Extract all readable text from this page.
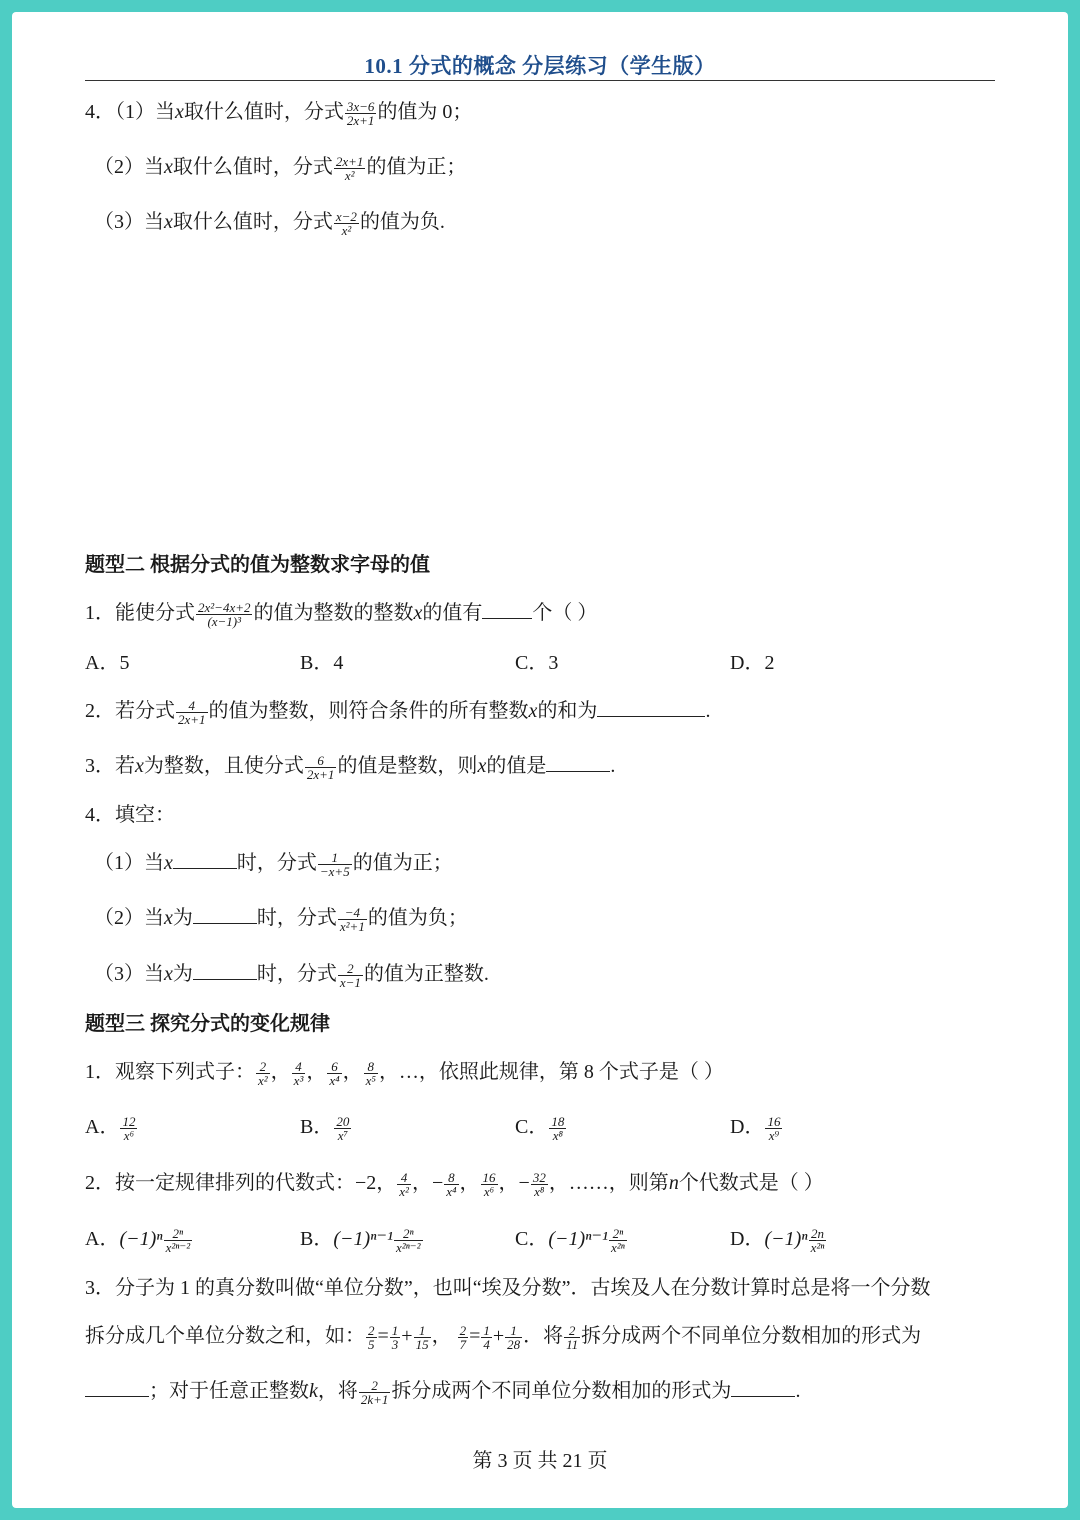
10.1 分式的概念 分层练习（学生版）
4．（1）当x取什么值时，分式 $\frac{3x-6}{2x+1}$ 的值为 0；
（2）当x取什么值时，分式 $\frac{2x+1}{\text{x²}}$ 的值为正；
（3）当x取什么值时，分式 $\frac{x-2}{\text{x²}}$ 的值为负.
题型二 根据分式的值为整数求字母的值
1．能使分式 $\frac{\text{2x²−4x+2}}{\text{(x−1)³}}$ 的值为整数的整数x的值有	个（ ）
A．5	B．4	C．3	D．2
2．若分式 $\frac{4}{2x+1}$ 的值为整数，则符合条件的所有整数x的和为	.
3．若x为整数，且使分式 $\frac{6}{2x+1}$ 的值是整数，则x的值是	.
4．填空：
（1）当x	时，分式 $\frac{1}{-x+5}$ 的值为正；
（2）当x为	时，分式 $\frac{-4}{\text{x²+1}}$ 的值为负；
（3）当x为	时，分式 $\frac{2}{x-1}$ 的值为正整数.
题型三 探究分式的变化规律
1．观察下列式子： $\frac{2}{\text{x²}}$ ， $\frac{4}{\text{x³}}$ ， $\frac{6}{\text{x⁴}}$ ， $\frac{8}{\text{x⁵}}$ ，…，依照此规律，第 8 个式子是（ ）
A． $\frac{12}{\text{x⁶}}$	B． $\frac{20}{\text{x⁷}}$	C． $\frac{18}{\text{x⁸}}$	D． $\frac{16}{\text{x⁹}}$
2．按一定规律排列的代数式：−2， $\frac{4}{\text{x²}}$ ，− $\frac{8}{\text{x⁴}}$ ， $\frac{16}{\text{x⁶}}$ ，− $\frac{32}{\text{x⁸}}$ ，……，则第n个代数式是（ ）
A．$(-1)^n \frac{\text{2ⁿ}}{\text{x²ⁿ⁻²}}$	B．$(-1)^{n-1} \frac{\text{2ⁿ}}{\text{x²ⁿ⁻²}}$	C．$(-1)^{n-1} \frac{\text{2ⁿ}}{\text{x²ⁿ}}$	D．$(-1)^n \frac{2n}{\text{x²ⁿ}}$
3．分子为 1 的真分数叫做“单位分数”，也叫“埃及分数”．古埃及人在分数计算时总是将一个分数
拆分成几个单位分数之和，如： $\frac{2}{5} = \frac{1}{3} + \frac{1}{15}$ ， $\frac{2}{7} = \frac{1}{4} + \frac{1}{28}$ ．将 $\frac{2}{11}$ 拆分成两个不同单位分数相加的形式为
；对于任意正整数k，将 $\frac{2}{2k+1}$ 拆分成两个不同单位分数相加的形式为	.
第 3 页 共 21 页
